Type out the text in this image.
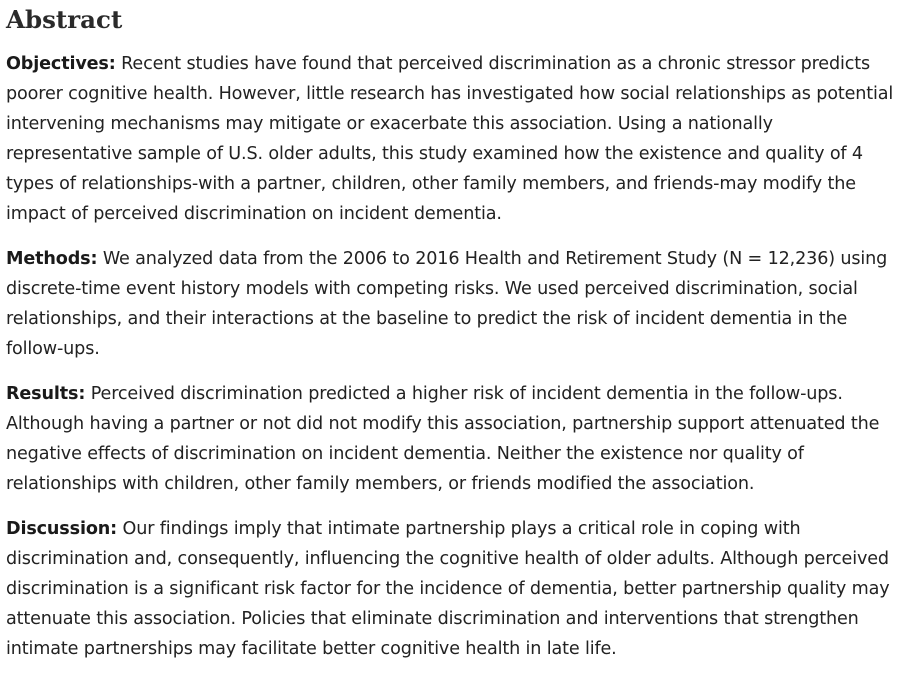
Abstract

Objectives: Recent studies have found that perceived discrimination as a chronic stressor predicts poorer cognitive health. However, little research has investigated how social relationships as potential intervening mechanisms may mitigate or exacerbate this association. Using a nationally representative sample of U.S. older adults, this study examined how the existence and quality of 4 types of relationships-with a partner, children, other family members, and friends-may modify the impact of perceived discrimination on incident dementia.

Methods: We analyzed data from the 2006 to 2016 Health and Retirement Study (N = 12,236) using discrete-time event history models with competing risks. We used perceived discrimination, social relationships, and their interactions at the baseline to predict the risk of incident dementia in the follow-ups.

Results: Perceived discrimination predicted a higher risk of incident dementia in the follow-ups. Although having a partner or not did not modify this association, partnership support attenuated the negative effects of discrimination on incident dementia. Neither the existence nor quality of relationships with children, other family members, or friends modified the association.

Discussion: Our findings imply that intimate partnership plays a critical role in coping with discrimination and, consequently, influencing the cognitive health of older adults. Although perceived discrimination is a significant risk factor for the incidence of dementia, better partnership quality may attenuate this association. Policies that eliminate discrimination and interventions that strengthen intimate partnerships may facilitate better cognitive health in late life.
